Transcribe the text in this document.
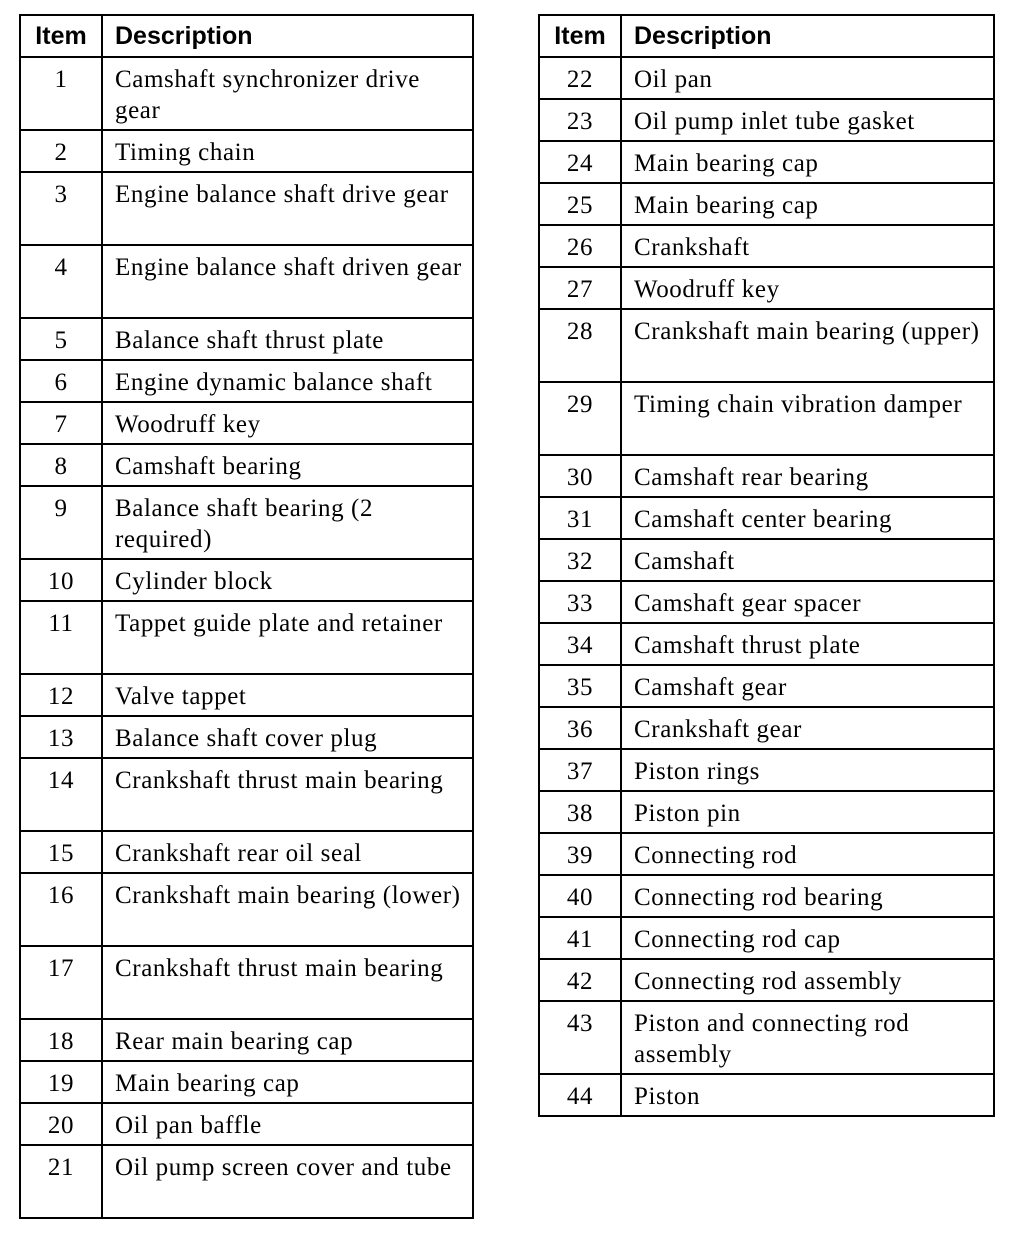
Item	Description
1	Camshaft synchronizer drive gear
2	Timing chain
3	Engine balance shaft drive gear
4	Engine balance shaft driven gear
5	Balance shaft thrust plate
6	Engine dynamic balance shaft
7	Woodruff key
8	Camshaft bearing
9	Balance shaft bearing (2 required)
10	Cylinder block
11	Tappet guide plate and retainer
12	Valve tappet
13	Balance shaft cover plug
14	Crankshaft thrust main bearing
15	Crankshaft rear oil seal
16	Crankshaft main bearing (lower)
17	Crankshaft thrust main bearing
18	Rear main bearing cap
19	Main bearing cap
20	Oil pan baffle
21	Oil pump screen cover and tube
Item	Description
22	Oil pan
23	Oil pump inlet tube gasket
24	Main bearing cap
25	Main bearing cap
26	Crankshaft
27	Woodruff key
28	Crankshaft main bearing (upper)
29	Timing chain vibration damper
30	Camshaft rear bearing
31	Camshaft center bearing
32	Camshaft
33	Camshaft gear spacer
34	Camshaft thrust plate
35	Camshaft gear
36	Crankshaft gear
37	Piston rings
38	Piston pin
39	Connecting rod
40	Connecting rod bearing
41	Connecting rod cap
42	Connecting rod assembly
43	Piston and connecting rod assembly
44	Piston
